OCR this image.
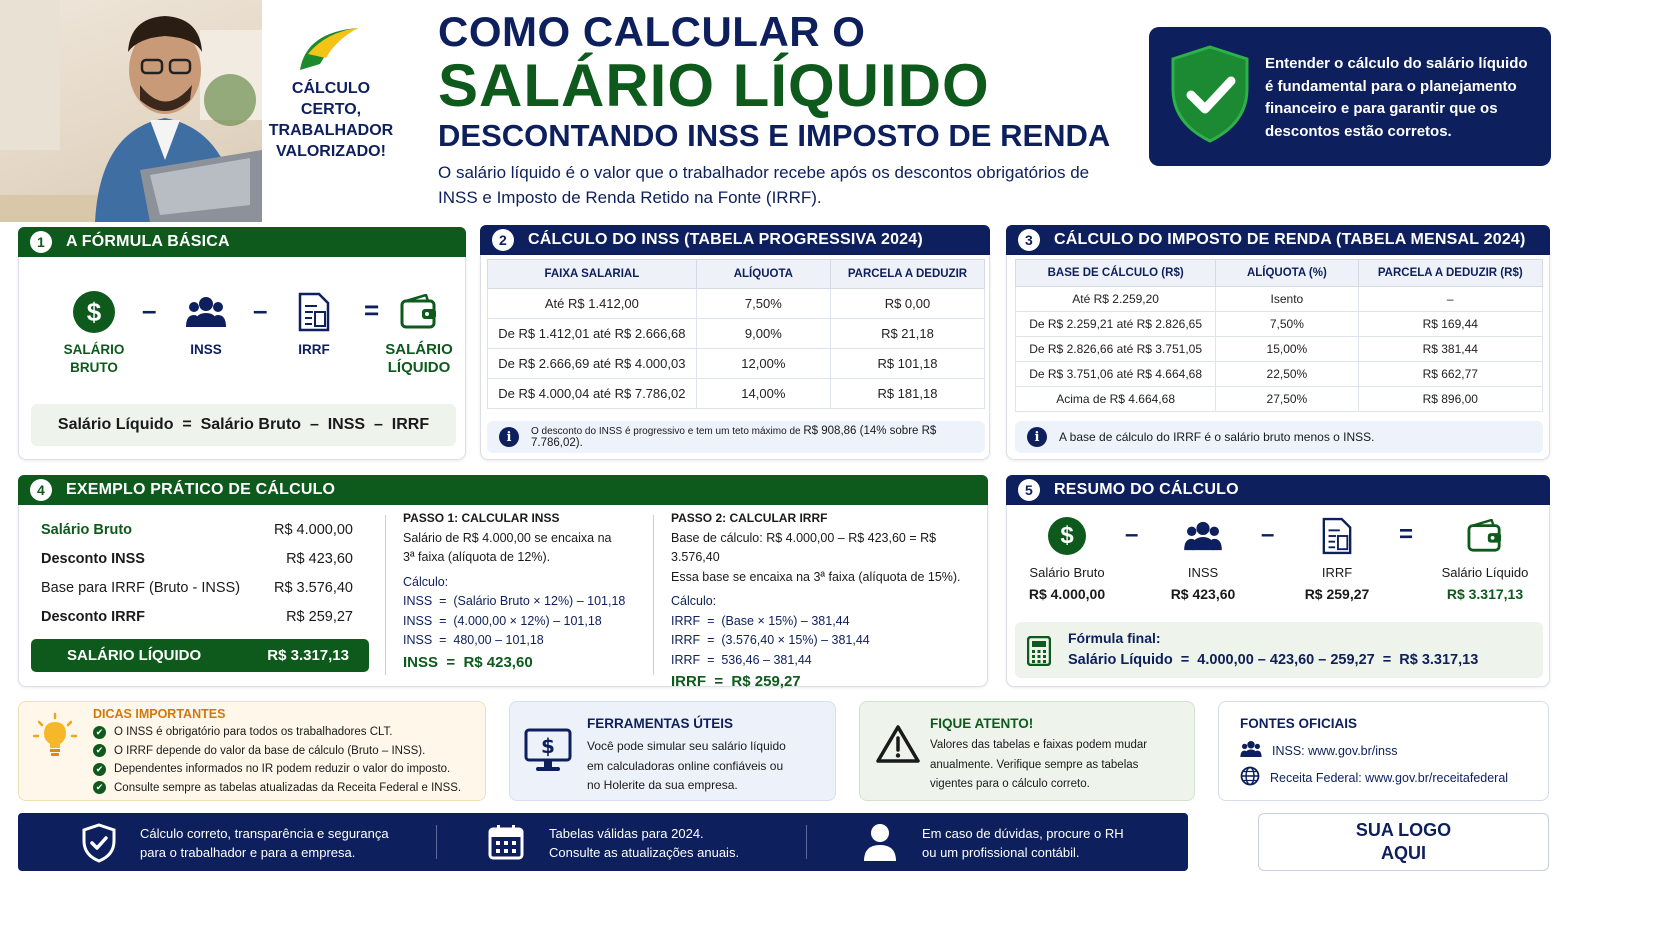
CÁLCULO
CERTO,
TRABALHADOR
VALORIZADO!
COMO CALCULAR O
SALÁRIO LÍQUIDO
DESCONTANDO INSS E IMPOSTO DE RENDA
O salário líquido é o valor que o trabalhador recebe após os descontos obrigatórios de INSS e Imposto de Renda Retido na Fonte (IRRF).
Entender o cálculo do salário líquido é fundamental para o planejamento financeiro e para garantir que os descontos estão corretos.
1	A FÓRMULA BÁSICA
$
SALÁRIO
BRUTO
–
INSS
–
IRRF
=
SALÁRIO
LÍQUIDO
Salário Líquido  =  Salário Bruto  –  INSS  –  IRRF
2	CÁLCULO DO INSS (TABELA PROGRESSIVA 2024)
FAIXA SALARIAL	ALÍQUOTA	PARCELA A DEDUZIR
Até R$ 1.412,00	7,50%	R$ 0,00
De R$ 1.412,01 até R$ 2.666,68	9,00%	R$ 21,18
De R$ 2.666,69 até R$ 4.000,03	12,00%	R$ 101,18
De R$ 4.000,04 até R$ 7.786,02	14,00%	R$ 181,18
i	O desconto do INSS é progressivo e tem um teto máximo de R$ 908,86 (14% sobre R$ 7.786,02).
3	CÁLCULO DO IMPOSTO DE RENDA (TABELA MENSAL 2024)
BASE DE CÁLCULO (R$)	ALÍQUOTA (%)	PARCELA A DEDUZIR (R$)
Até R$ 2.259,20	Isento	–
De R$ 2.259,21 até R$ 2.826,65	7,50%	R$ 169,44
De R$ 2.826,66 até R$ 3.751,05	15,00%	R$ 381,44
De R$ 3.751,06 até R$ 4.664,68	22,50%	R$ 662,77
Acima de R$ 4.664,68	27,50%	R$ 896,00
i	A base de cálculo do IRRF é o salário bruto menos o INSS.
4	EXEMPLO PRÁTICO DE CÁLCULO
Salário Bruto	R$ 4.000,00
Desconto INSS	R$ 423,60
Base para IRRF (Bruto - INSS) R$ 3.576,40
Desconto IRRF	R$ 259,27
SALÁRIO LÍQUIDO	R$ 3.317,13
PASSO 1: CALCULAR INSS
Salário de R$ 4.000,00 se encaixa na
3ª faixa (alíquota de 12%).
Cálculo:
INSS  =  (Salário Bruto × 12%) – 101,18
INSS  =  (4.000,00 × 12%) – 101,18
INSS  =  480,00 – 101,18
INSS  =  R$ 423,60
PASSO 2: CALCULAR IRRF
Base de cálculo: R$ 4.000,00 – R$ 423,60 = R$ 3.576,40
Essa base se encaixa na 3ª faixa (alíquota de 15%).
Cálculo:
IRRF  =  (Base × 15%) – 381,44
IRRF  =  (3.576,40 × 15%) – 381,44
IRRF  =  536,46 – 381,44
IRRF  =  R$ 259,27
5	RESUMO DO CÁLCULO
$
Salário Bruto
R$ 4.000,00
–
INSS
R$ 423,60
–
IRRF
R$ 259,27
=
Salário Líquido
R$ 3.317,13
Fórmula final:
Salário Líquido  =  4.000,00 – 423,60 – 259,27  =  R$ 3.317,13
DICAS IMPORTANTES
✔ O INSS é obrigatório para todos os trabalhadores CLT.
✔ O IRRF depende do valor da base de cálculo (Bruto – INSS).
✔ Dependentes informados no IR podem reduzir o valor do imposto.
✔ Consulte sempre as tabelas atualizadas da Receita Federal e INSS.
$
FERRAMENTAS ÚTEIS
Você pode simular seu salário líquido
em calculadoras online confiáveis ou
no Holerite da sua empresa.
FIQUE ATENTO!
Valores das tabelas e faixas podem mudar
anualmente. Verifique sempre as tabelas
vigentes para o cálculo correto.
FONTES OFICIAIS
INSS: www.gov.br/inss
Receita Federal: www.gov.br/receitafederal
Cálculo correto, transparência e segurança
para o trabalhador e para a empresa.
Tabelas válidas para 2024.
Consulte as atualizações anuais.
Em caso de dúvidas, procure o RH
ou um profissional contábil.
SUA LOGO
AQUI
